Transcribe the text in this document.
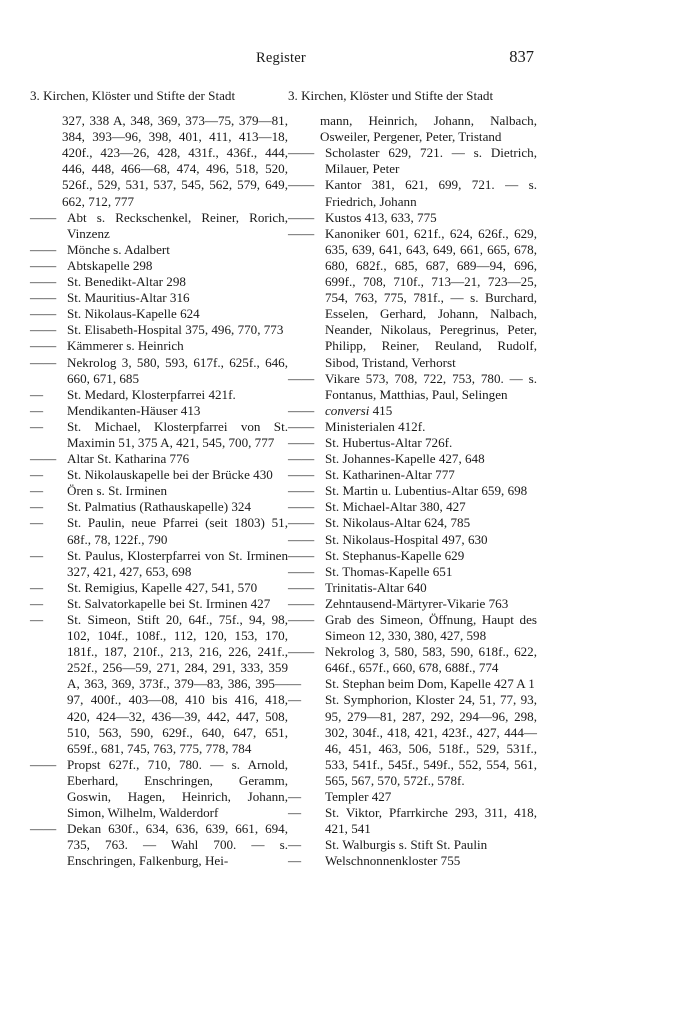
Register	837
3. Kirchen, Klöster und Stifte der Stadt
327, 338 A, 348, 369, 373—75, 379—81, 384, 393—96, 398, 401, 411, 413—18, 420f., 423—26, 428, 431f., 436f., 444, 446, 448, 466—68, 474, 496, 518, 520, 526f., 529, 531, 537, 545, 562, 579, 649, 662, 712, 777
—— Abt s. Reckschenkel, Reiner, Rorich, Vinzenz
—— Mönche s. Adalbert
—— Abtskapelle 298
—— St. Benedikt-Altar 298
—— St. Mauritius-Altar 316
—— St. Nikolaus-Kapelle 624
—— St. Elisabeth-Hospital 375, 496, 770, 773
—— Kämmerer s. Heinrich
—— Nekrolog 3, 580, 593, 617f., 625f., 646, 660, 671, 685
— St. Medard, Klosterpfarrei 421f.
— Mendikanten-Häuser 413
— St. Michael, Klosterpfarrei von St. Maximin 51, 375 A, 421, 545, 700, 777
—— Altar St. Katharina 776
— St. Nikolauskapelle bei der Brücke 430
— Ören s. St. Irminen
— St. Palmatius (Rathauskapelle) 324
— St. Paulin, neue Pfarrei (seit 1803) 51, 68f., 78, 122f., 790
— St. Paulus, Klosterpfarrei von St. Irminen 327, 421, 427, 653, 698
— St. Remigius, Kapelle 427, 541, 570
— St. Salvatorkapelle bei St. Irminen 427
— St. Simeon, Stift 20, 64f., 75f., 94, 98, 102, 104f., 108f., 112, 120, 153, 170, 181f., 187, 210f., 213, 216, 226, 241f., 252f., 256—59, 271, 284, 291, 333, 359 A, 363, 369, 373f., 379—83, 386, 395—97, 400f., 403—08, 410 bis 416, 418, 420, 424—32, 436—39, 442, 447, 508, 510, 563, 590, 629f., 640, 647, 651, 659f., 681, 745, 763, 775, 778, 784
—— Propst 627f., 710, 780. — s. Arnold, Eberhard, Enschringen, Geramm, Goswin, Hagen, Heinrich, Johann, Simon, Wilhelm, Walderdorf
—— Dekan 630f., 634, 636, 639, 661, 694, 735, 763. — Wahl 700. — s. Enschringen, Falkenburg, Hei-
3. Kirchen, Klöster und Stifte der Stadt
mann, Heinrich, Johann, Nalbach, Osweiler, Pergener, Peter, Tristand
—— Scholaster 629, 721. — s. Dietrich, Milauer, Peter
—— Kantor 381, 621, 699, 721. — s. Friedrich, Johann
—— Kustos 413, 633, 775
—— Kanoniker 601, 621f., 624, 626f., 629, 635, 639, 641, 643, 649, 661, 665, 678, 680, 682f., 685, 687, 689—94, 696, 699f., 708, 710f., 713—21, 723—25, 754, 763, 775, 781f., — s. Burchard, Esselen, Gerhard, Johann, Nalbach, Neander, Nikolaus, Peregrinus, Peter, Philipp, Reiner, Reuland, Rudolf, Sibod, Tristand, Verhorst
—— Vikare 573, 708, 722, 753, 780. — s. Fontanus, Matthias, Paul, Selingen
—— conversi 415
—— Ministerialen 412f.
—— St. Hubertus-Altar 726f.
—— St. Johannes-Kapelle 427, 648
—— St. Katharinen-Altar 777
—— St. Martin u. Lubentius-Altar 659, 698
—— St. Michael-Altar 380, 427
—— St. Nikolaus-Altar 624, 785
—— St. Nikolaus-Hospital 497, 630
—— St. Stephanus-Kapelle 629
—— St. Thomas-Kapelle 651
—— Trinitatis-Altar 640
—— Zehntausend-Märtyrer-Vikarie 763
—— Grab des Simeon, Öffnung, Haupt des Simeon 12, 330, 380, 427, 598
—— Nekrolog 3, 580, 583, 590, 618f., 622, 646f., 657f., 660, 678, 688f., 774
— St. Stephan beim Dom, Kapelle 427 A 1
— St. Symphorion, Kloster 24, 51, 77, 93, 95, 279—81, 287, 292, 294—96, 298, 302, 304f., 418, 421, 423f., 427, 444—46, 451, 463, 506, 518f., 529, 531f., 533, 541f., 545f., 549f., 552, 554, 561, 565, 567, 570, 572f., 578f.
— Templer 427
— St. Viktor, Pfarrkirche 293, 311, 418, 421, 541
— St. Walburgis s. Stift St. Paulin
— Welschnonnenkloster 755
